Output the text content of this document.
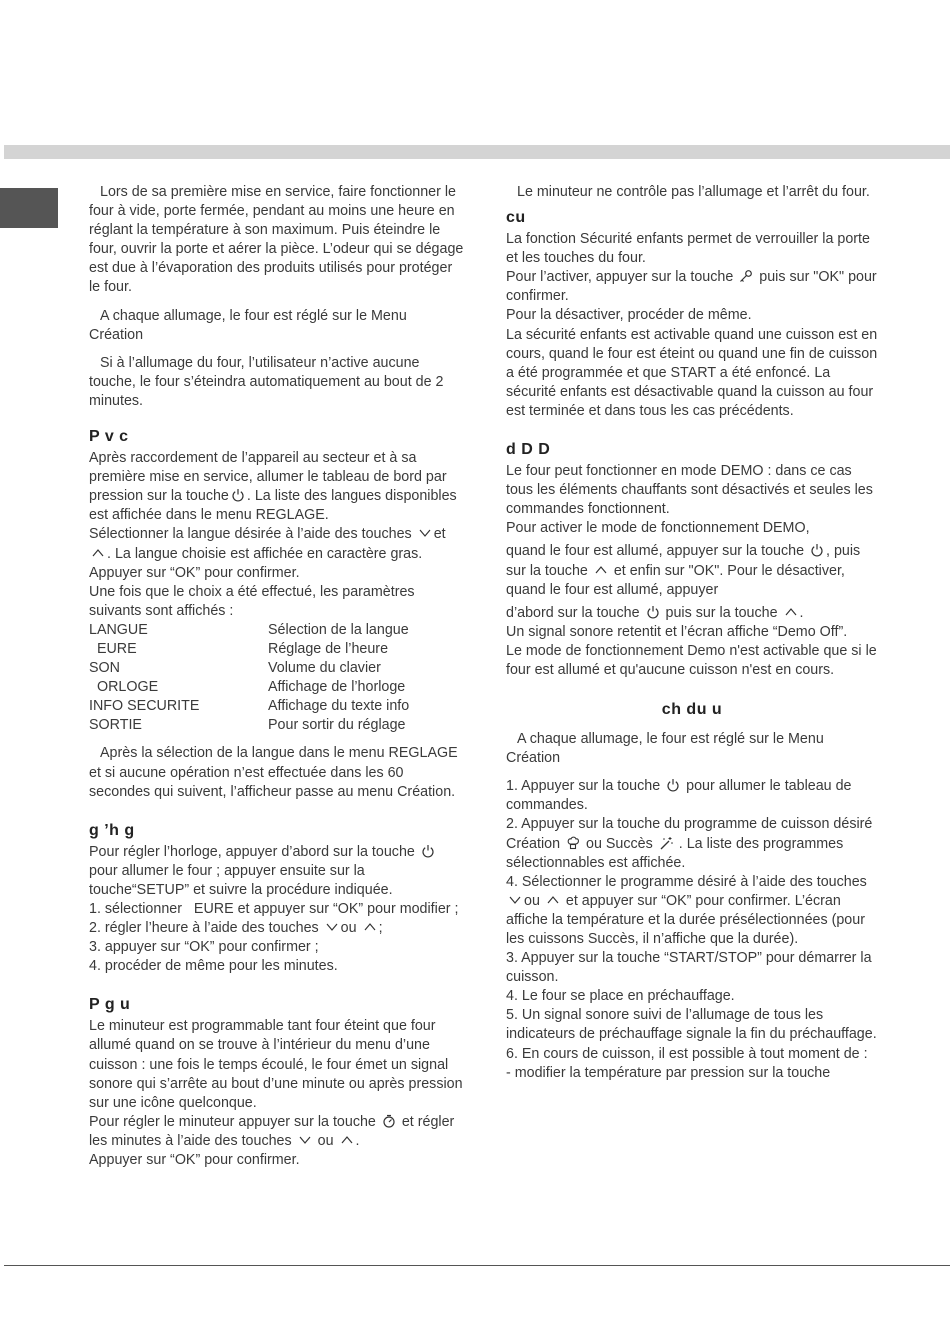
Lors de sa première mise en service, faire fonctionner le four à vide, porte fermée, pendant au moins une heure en réglant la température à son maximum. Puis éteindre le four, ouvrir la porte et aérer la pièce. L’odeur qui se dégage est due à l’évaporation des produits utilisés pour protéger le four.

A chaque allumage, le four est réglé sur le Menu Création

Si à l’allumage du four, l’utilisateur n’active aucune touche, le four s’éteindra automatiquement au bout de 2 minutes.

P v c

Après raccordement de l’appareil au secteur et à sa première mise en service, allumer le tableau de bord par pression sur la touche . La liste des langues disponibles est affichée dans le menu REGLAGE.

Sélectionner la langue désirée à l’aide des touches et
. La langue choisie est affichée en caractère gras. Appuyer sur “OK” pour confirmer.

Une fois que le choix a été effectué, les paramètres suivants sont affichés :

LANGUE	Sélection de la langue
EURE	Réglage de l’heure
SON	Volume du clavier
ORLOGE	Affichage de l’horloge
INFO SECURITE	Affichage du texte info
SORTIE	Pour sortir du réglage

Après la sélection de la langue dans le menu REGLAGE et si aucune opération n’est effectuée dans les 60 secondes qui suivent, l’afficheur passe au menu Création.

g ’h g

Pour régler l’horloge, appuyer d’abord sur la touche
pour allumer le four ; appuyer ensuite sur la touche“SETUP” et suivre la procédure indiquée.

1. sélectionner   EURE et appuyer sur “OK” pour modifier ;

2. régler l’heure à l’aide des touches ou ;

3. appuyer sur “OK” pour confirmer ;

4. procéder de même pour les minutes.

P g u

Le minuteur est programmable tant four éteint que four allumé quand on se trouve à l’intérieur du menu d’une cuisson : une fois le temps écoulé, le four émet un signal sonore qui s’arrête au bout d’une minute ou après pression sur une icône quelconque.

Pour régler le minuteur appuyer sur la touche et régler les minutes à l’aide des touches ou .

Appuyer sur “OK” pour confirmer.

Le minuteur ne contrôle pas l’allumage et l’arrêt du four.

cu

La fonction Sécurité enfants permet de verrouiller la porte et les touches du four.

Pour l’activer, appuyer sur la touche puis sur "OK" pour confirmer.

Pour la désactiver, procéder de même.

La sécurité enfants est activable quand une cuisson est en cours, quand le four est éteint ou quand une fin de cuisson a été programmée et que START a été enfoncé. La sécurité enfants est désactivable quand la cuisson au four est terminée et dans tous les cas précédents.

d D D

Le four peut fonctionner en mode DEMO : dans ce cas tous les éléments chauffants sont désactivés et seules les commandes fonctionnent.

Pour activer le mode de fonctionnement DEMO,

quand le four est allumé, appuyer sur la touche , puis sur la touche et enfin sur "OK". Pour le désactiver, quand le four est allumé, appuyer

d’abord sur la touche puis sur la touche .

Un signal sonore retentit et l’écran affiche “Demo Off”.

Le mode de fonctionnement Demo n'est activable que si le four est allumé et qu'aucune cuisson n'est en cours.

ch du u

A chaque allumage, le four est réglé sur le Menu Création

1. Appuyer sur la touche pour allumer le tableau de commandes.

2. Appuyer sur la touche du programme de cuisson désiré Création ou Succès . La liste des programmes sélectionnables est affichée.

4. Sélectionner le programme désiré à l’aide des touches
ou et appuyer sur “OK” pour confirmer. L’écran affiche la température et la durée présélectionnées (pour les cuissons Succès, il n’affiche que la durée).

3. Appuyer sur la touche “START/STOP” pour démarrer la cuisson.

4. Le four se place en préchauffage.

5. Un signal sonore suivi de l’allumage de tous les indicateurs de préchauffage signale la fin du préchauffage.

6. En cours de cuisson, il est possible à tout moment de :

- modifier la température par pression sur la touche
